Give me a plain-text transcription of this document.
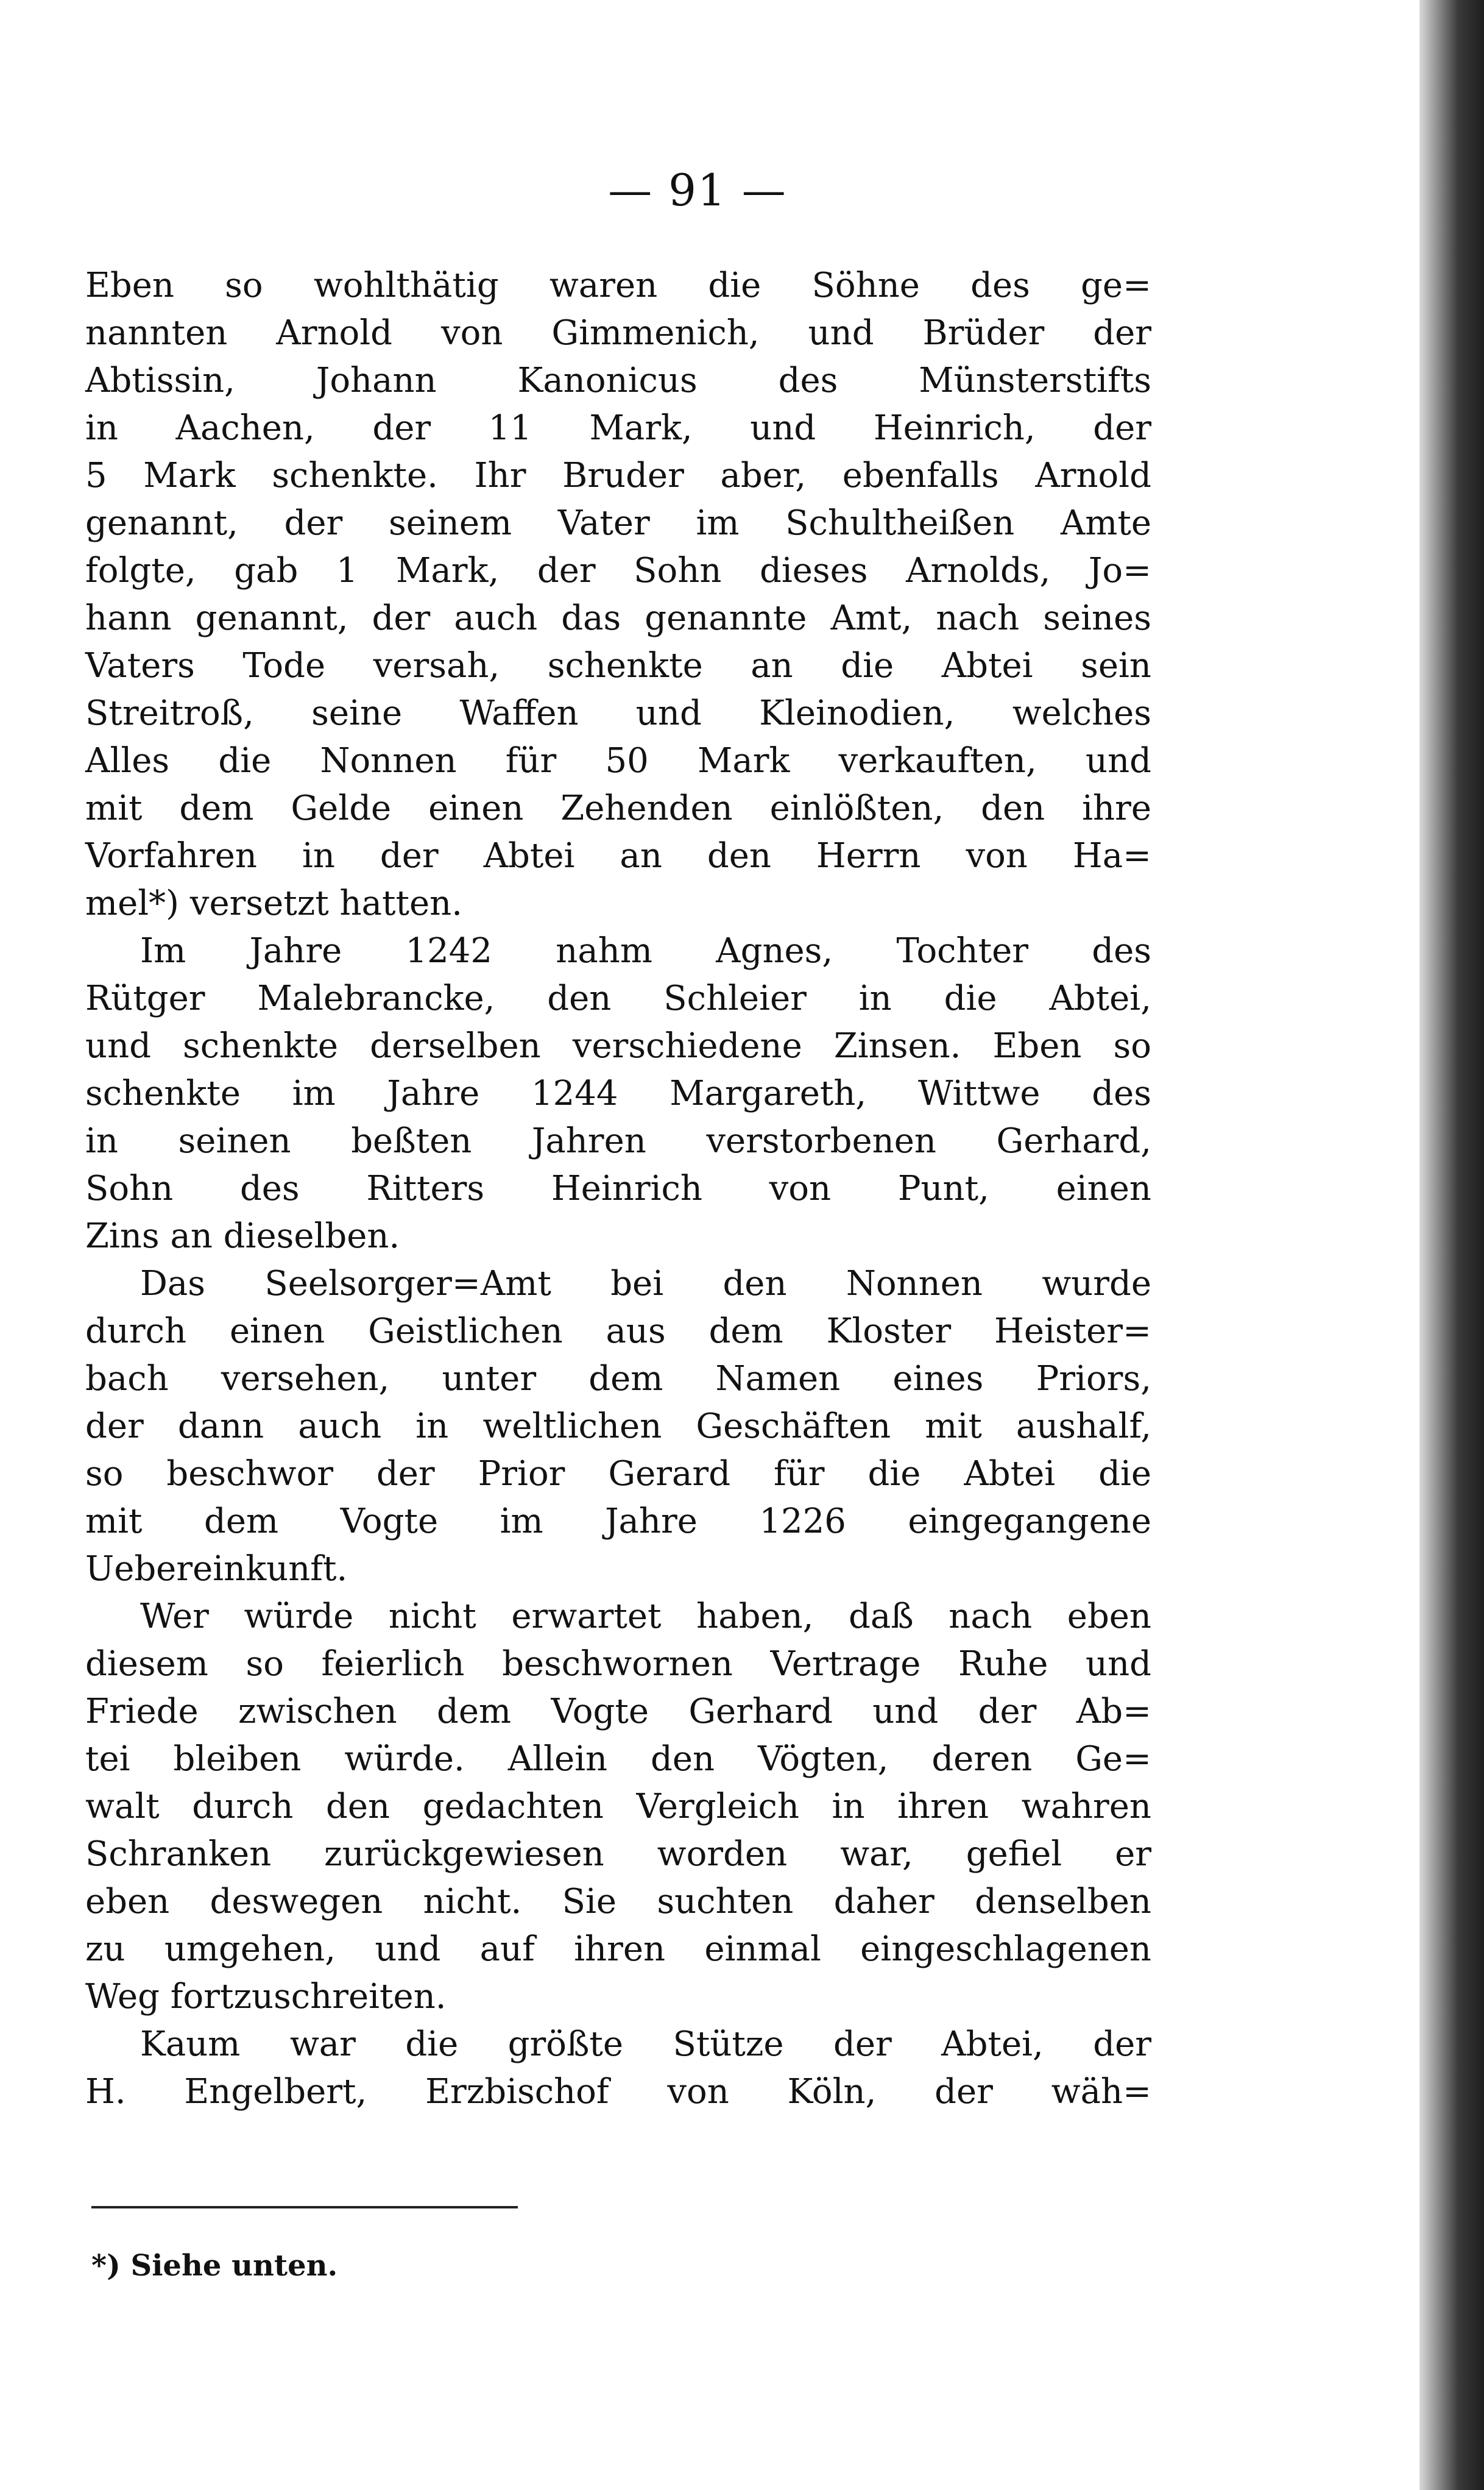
— 91 —
Eben so wohlthätig waren die Söhne des ge=
nannten Arnold von Gimmenich, und Brüder der
Abtissin, Johann Kanonicus des Münsterstifts
in Aachen, der 11 Mark, und Heinrich, der
5 Mark schenkte. Ihr Bruder aber, ebenfalls Arnold
genannt, der seinem Vater im Schultheißen Amte
folgte, gab 1 Mark, der Sohn dieses Arnolds, Jo=
hann genannt, der auch das genannte Amt, nach seines
Vaters Tode versah, schenkte an die Abtei sein
Streitroß, seine Waffen und Kleinodien, welches
Alles die Nonnen für 50 Mark verkauften, und
mit dem Gelde einen Zehenden einlößten, den ihre
Vorfahren in der Abtei an den Herrn von Ha=
mel*) versetzt hatten.
Im Jahre 1242 nahm Agnes, Tochter des
Rütger Malebrancke, den Schleier in die Abtei,
und schenkte derselben verschiedene Zinsen. Eben so
schenkte im Jahre 1244 Margareth, Wittwe des
in seinen beßten Jahren verstorbenen Gerhard,
Sohn des Ritters Heinrich von Punt, einen
Zins an dieselben.
Das Seelsorger=Amt bei den Nonnen wurde
durch einen Geistlichen aus dem Kloster Heister=
bach versehen, unter dem Namen eines Priors,
der dann auch in weltlichen Geschäften mit aushalf,
so beschwor der Prior Gerard für die Abtei die
mit dem Vogte im Jahre 1226 eingegangene
Uebereinkunft.
Wer würde nicht erwartet haben, daß nach eben
diesem so feierlich beschwornen Vertrage Ruhe und
Friede zwischen dem Vogte Gerhard und der Ab=
tei bleiben würde. Allein den Vögten, deren Ge=
walt durch den gedachten Vergleich in ihren wahren
Schranken zurückgewiesen worden war, gefiel er
eben deswegen nicht. Sie suchten daher denselben
zu umgehen, und auf ihren einmal eingeschlagenen
Weg fortzuschreiten.
Kaum war die größte Stütze der Abtei, der
H. Engelbert, Erzbischof von Köln, der wäh=
*) Siehe unten.
